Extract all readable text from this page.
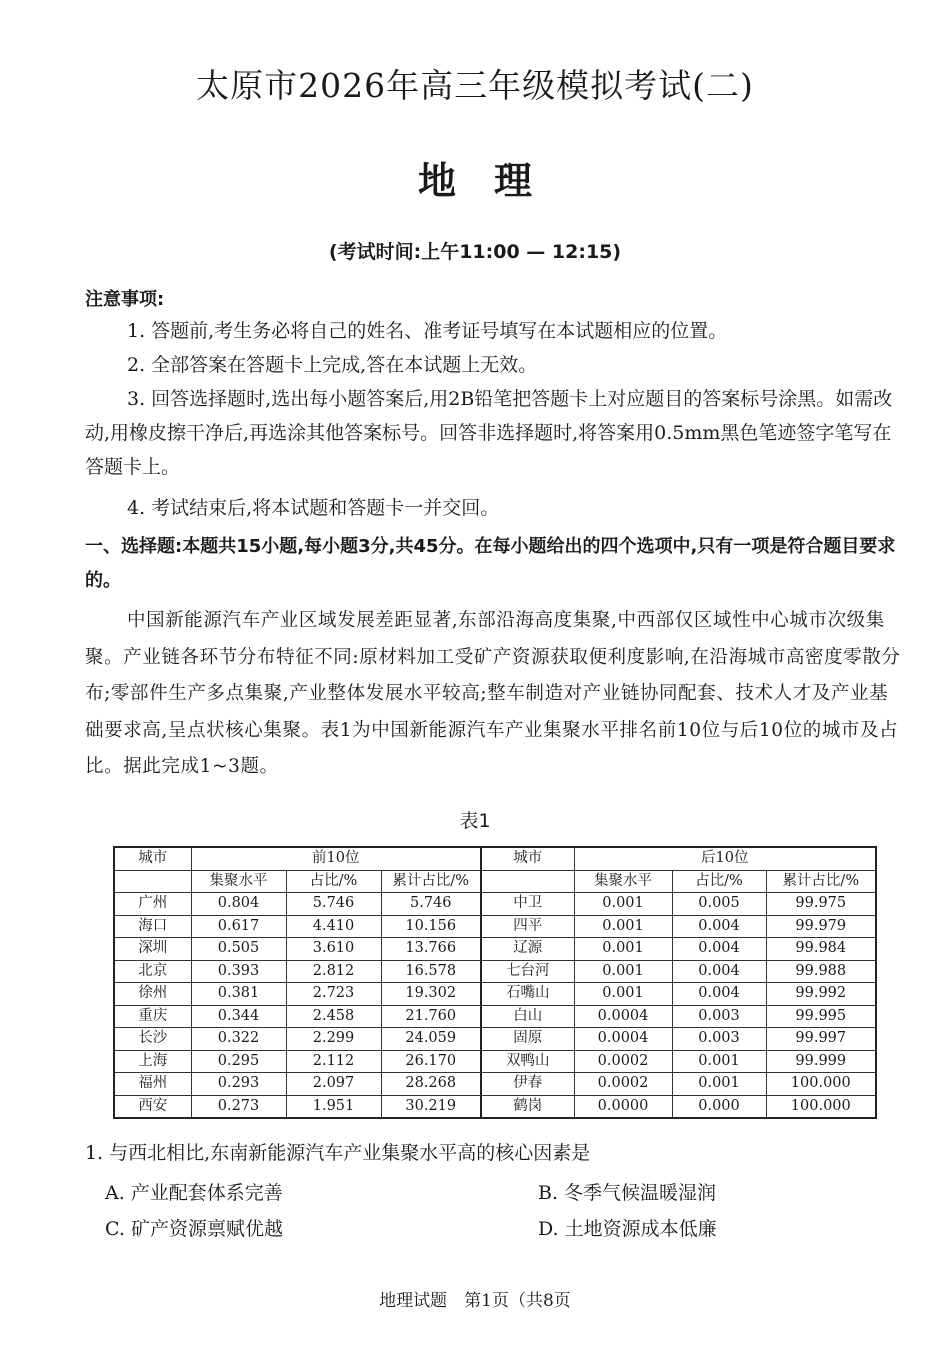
太原市2026年高三年级模拟考试(二)
地理
(考试时间:上午11:00 — 12:15)
注意事项:
1. 答题前,考生务必将自己的姓名、准考证号填写在本试题相应的位置。
2. 全部答案在答题卡上完成,答在本试题上无效。
3. 回答选择题时,选出每小题答案后,用2B铅笔把答题卡上对应题目的答案标号涂黑。如需改动,用橡皮擦干净后,再选涂其他答案标号。回答非选择题时,将答案用0.5mm黑色笔迹签字笔写在答题卡上。
4. 考试结束后,将本试题和答题卡一并交回。
一、选择题:本题共15小题,每小题3分,共45分。在每小题给出的四个选项中,只有一项是符合题目要求的。
中国新能源汽车产业区域发展差距显著,东部沿海高度集聚,中西部仅区域性中心城市次级集聚。产业链各环节分布特征不同:原材料加工受矿产资源获取便利度影响,在沿海城市高密度零散分布;零部件生产多点集聚,产业整体发展水平较高;整车制造对产业链协同配套、技术人才及产业基础要求高,呈点状核心集聚。表1为中国新能源汽车产业集聚水平排名前10位与后10位的城市及占比。据此完成1~3题。
表1
城市	前10位			城市	后10位		
	集聚水平	占比/%	累计占比/%		集聚水平	占比/%	累计占比/%
广州	0.804	5.746	5.746	中卫	0.001	0.005	99.975
海口	0.617	4.410	10.156	四平	0.001	0.004	99.979
深圳	0.505	3.610	13.766	辽源	0.001	0.004	99.984
北京	0.393	2.812	16.578	七台河	0.001	0.004	99.988
徐州	0.381	2.723	19.302	石嘴山	0.001	0.004	99.992
重庆	0.344	2.458	21.760	白山	0.0004	0.003	99.995
长沙	0.322	2.299	24.059	固原	0.0004	0.003	99.997
上海	0.295	2.112	26.170	双鸭山	0.0002	0.001	99.999
福州	0.293	2.097	28.268	伊春	0.0002	0.001	100.000
西安	0.273	1.951	30.219	鹤岗	0.0000	0.000	100.000
1. 与西北相比,东南新能源汽车产业集聚水平高的核心因素是
A. 产业配套体系完善	B. 冬季气候温暖湿润
C. 矿产资源禀赋优越	D. 土地资源成本低廉
地理试题　第1页（共8页
